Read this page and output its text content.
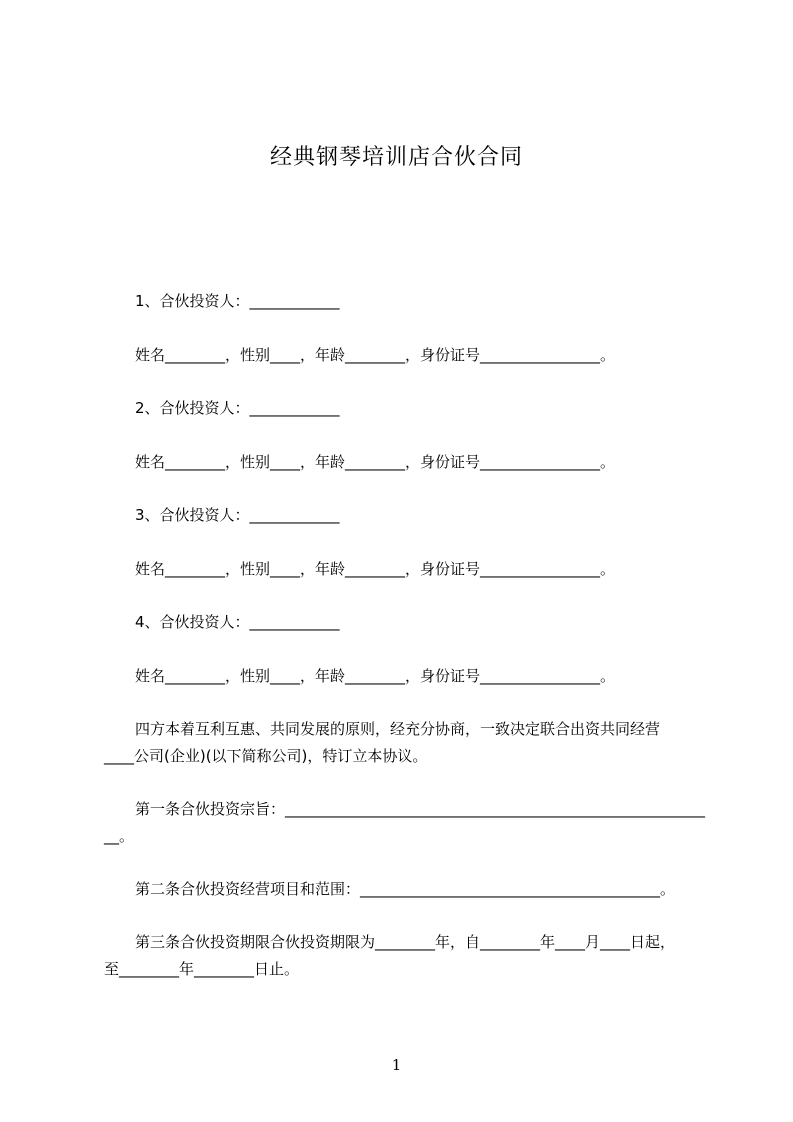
经典钢琴培训店合伙合同
1、合伙投资人：____________
姓名________，性别____，年龄________，身份证号________________。
2、合伙投资人：____________
姓名________，性别____，年龄________，身份证号________________。
3、合伙投资人：____________
姓名________，性别____，年龄________，身份证号________________。
4、合伙投资人：____________
姓名________，性别____，年龄________，身份证号________________。
四方本着互利互惠、共同发展的原则，经充分协商，一致决定联合出资共同经营
____公司(企业)(以下简称公司)，特订立本协议。
第一条合伙投资宗旨：________________________________________________________
__。
第二条合伙投资经营项目和范围：________________________________________。
第三条合伙投资期限合伙投资期限为________年，自________年____月____日起，
至________年________日止。
1
